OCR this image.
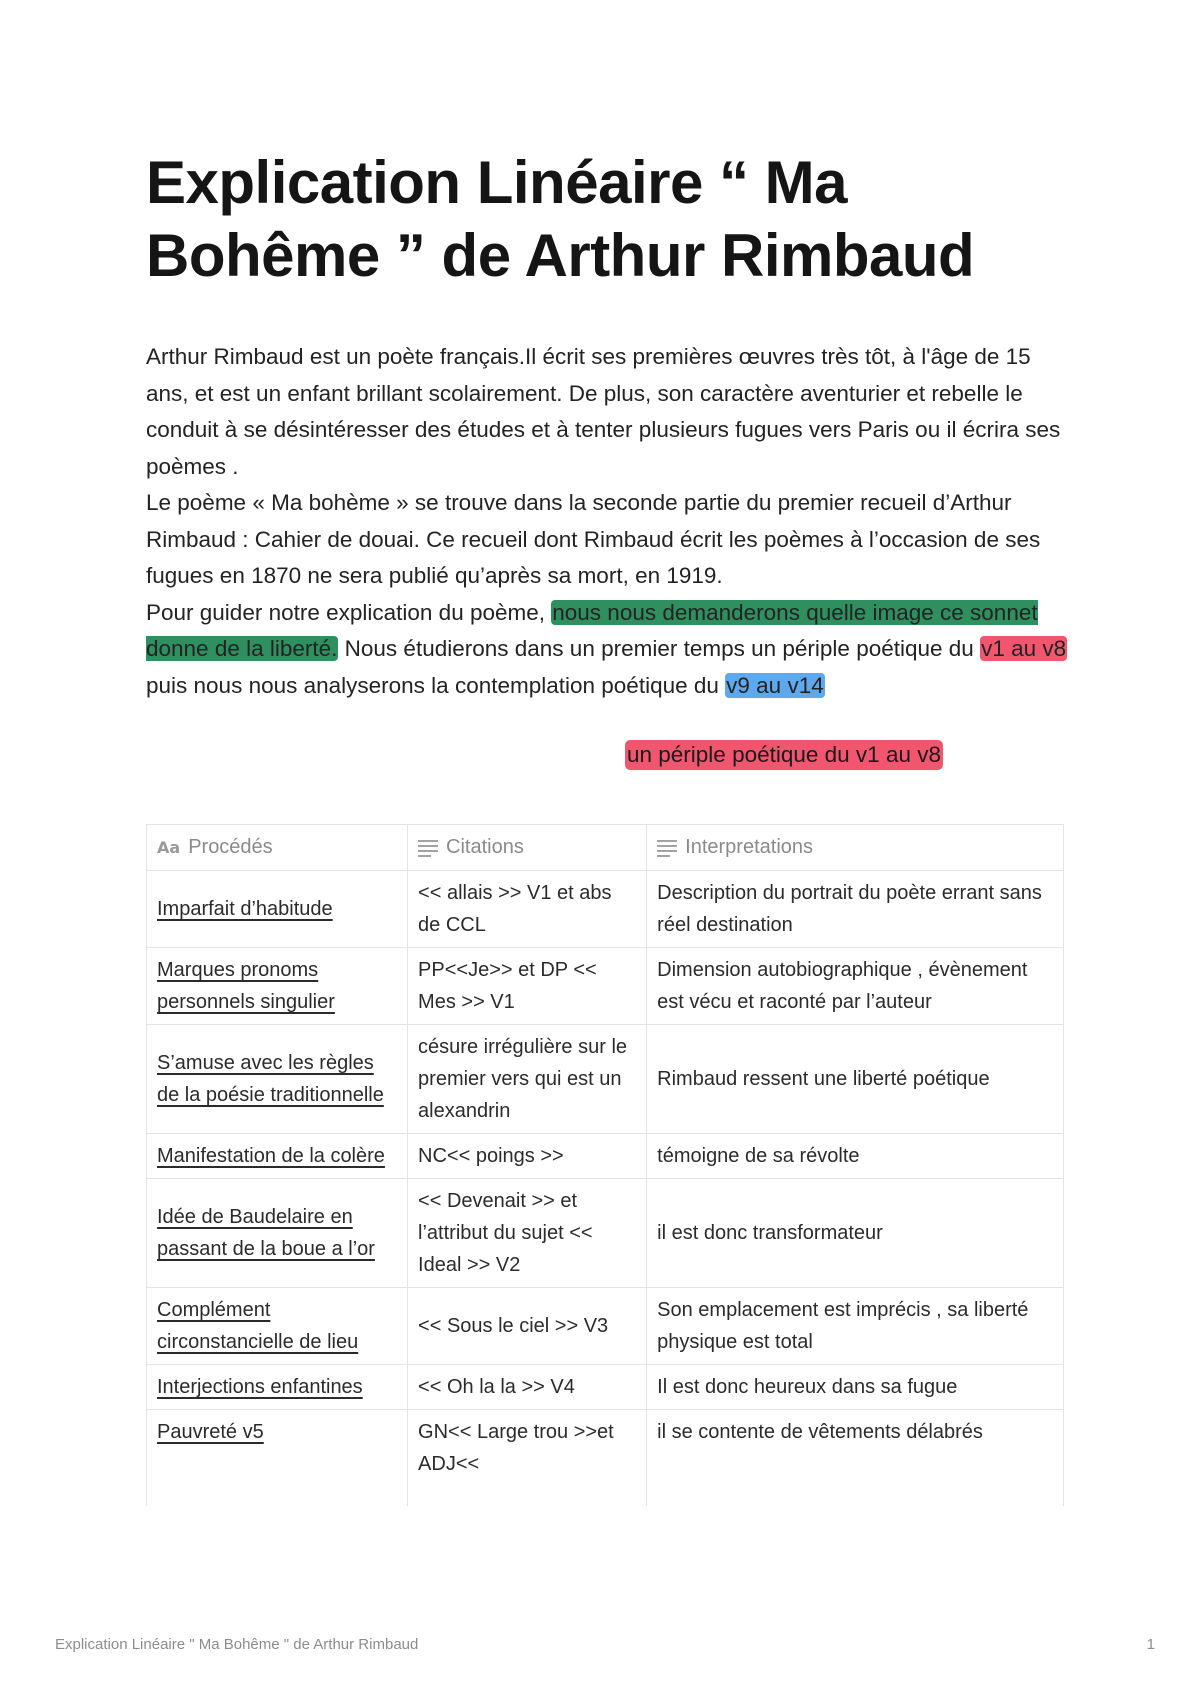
Explication Linéaire “ Ma Bohême ” de Arthur Rimbaud

Arthur Rimbaud est un poète français.Il écrit ses premières œuvres très tôt, à l'âge de 15 ans, et est un enfant brillant scolairement. De plus, son caractère aventurier et rebelle le conduit à se désintéresser des études et à tenter plusieurs fugues vers Paris ou il écrira ses poèmes .

Le poème « Ma bohème » se trouve dans la seconde partie du premier recueil d’Arthur Rimbaud : Cahier de douai. Ce recueil dont Rimbaud écrit les poèmes à l’occasion de ses fugues en 1870 ne sera publié qu’après sa mort, en 1919.

Pour guider notre explication du poème, nous nous demanderons quelle image ce sonnet donne de la liberté. Nous étudierons dans un premier temps un périple poétique du v1 au v8 puis nous nous analyserons la contemplation poétique du v9 au v14

un périple poétique du v1 au v8
Aa Procédés	Citations	Interpretations
Imparfait d’habitude	<< allais >> V1 et abs de CCL	Description du portrait du poète errant sans réel destination
Marques pronoms personnels singulier	PP<<Je>> et DP << Mes >> V1	Dimension autobiographique , évènement est vécu et raconté par l’auteur
S’amuse avec les règles de la poésie traditionnelle	césure irrégulière sur le premier vers qui est un alexandrin	Rimbaud ressent une liberté poétique
Manifestation de la colère	NC<< poings >>	témoigne de sa révolte
Idée de Baudelaire en passant de la boue a l’or	<< Devenait >> et l’attribut du sujet << Ideal >> V2	il est donc transformateur
Complément circonstancielle de lieu	<< Sous le ciel >> V3	Son emplacement est imprécis , sa liberté physique est total
Interjections enfantines	<< Oh la la >> V4	Il est donc heureux dans sa fugue
Pauvreté v5	GN<< Large trou >>et ADJ<<	il se contente de vêtements délabrés
Explication Linéaire " Ma Bohême " de Arthur Rimbaud	1
